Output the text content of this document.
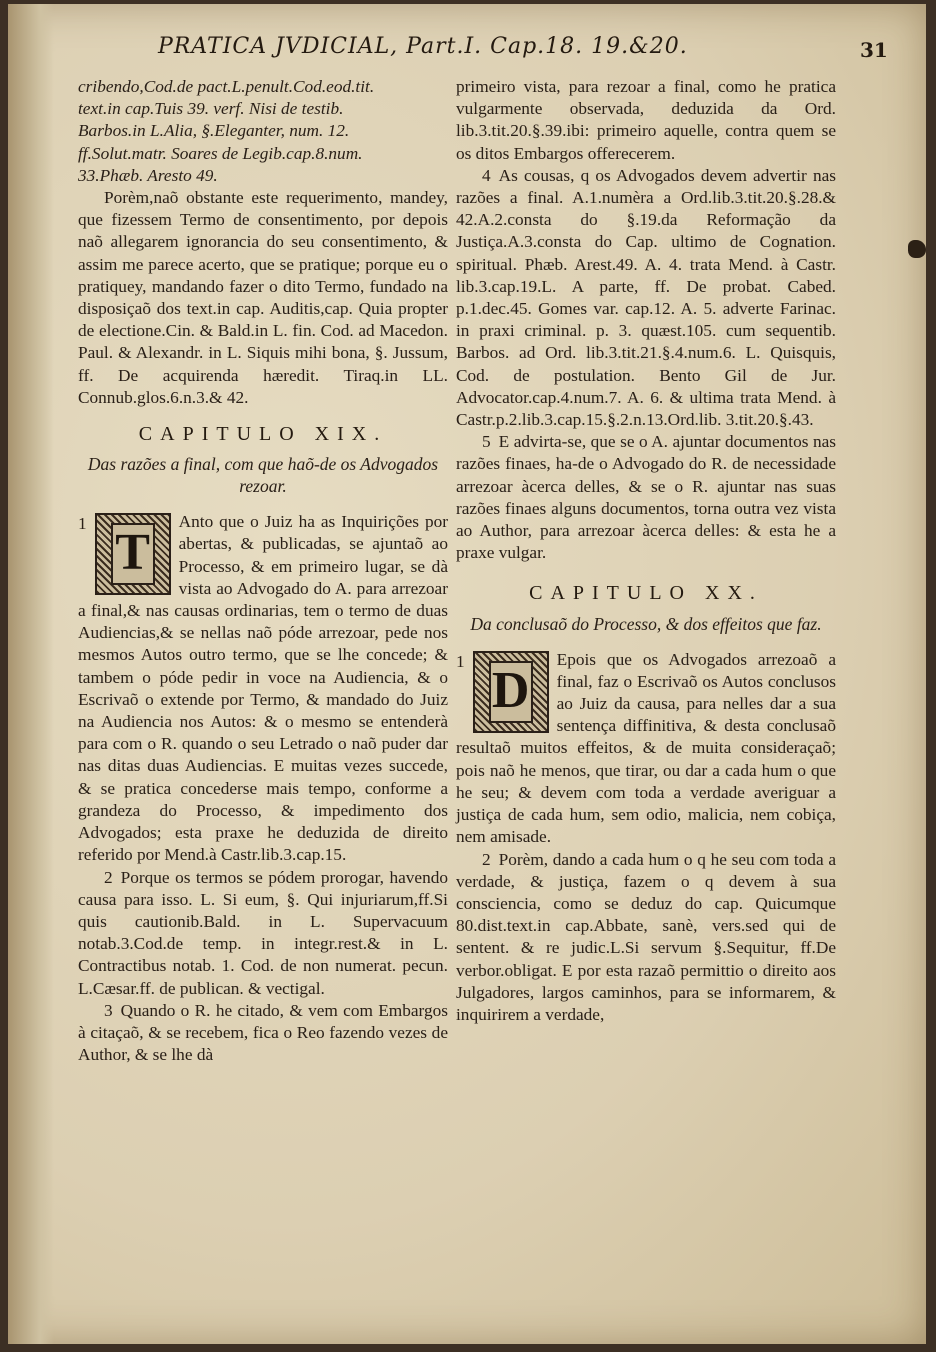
PRATICA JVDICIAL, Part.I. Cap.18. 19.&20.	31

cribendo,Cod.de pact.L.penult.Cod.eod.tit.

text.in cap.Tuis 39. verf. Nisi de testib.

Barbos.in L.Alia, §.Eleganter, num. 12.

ff.Solut.matr. Soares de Legib.cap.8.num.

33.Phæb. Aresto 49.

Porèm,naõ obstante este requerimento, mandey, que fizessem Termo de consentimento, por depois naõ allegarem ignorancia do seu consentimento, & assim me parece acerto, que se pratique; porque eu o pratiquey, mandando fazer o dito Termo, fundado na disposiçaõ dos text.in cap. Auditis,cap. Quia propter de electione.Cin. & Bald.in L. fin. Cod. ad Macedon. Paul. & Alexandr. in L. Siquis mihi bona, §. Jussum, ff. De acquirenda hæredit. Tiraq.in LL. Connub.glos.6.n.3.& 42.

CAPITULO XIX.
Das razões a final, com que haõ-de os Advogados rezoar.

1
T
Anto que o Juiz ha as Inquirições por abertas, & publicadas, se ajuntaõ ao Processo, & em primeiro lugar, se dà vista ao Advogado do A. para arrezoar a final,& nas causas ordinarias, tem o termo de duas Audiencias,& se nellas naõ póde arrezoar, pede nos mesmos Autos outro termo, que se lhe concede; & tambem o póde pedir in voce na Audiencia, & o Escrivaõ o extende por Termo, & mandado do Juiz na Audiencia nos Autos: & o mesmo se entenderà para com o R. quando o seu Letrado o naõ puder dar nas ditas duas Audiencias. E muitas vezes succede, & se pratica concederse mais tempo, conforme a grandeza do Processo, & impedimento dos Advogados; esta praxe he deduzida de direito referido por Mend.à Castr.lib.3.cap.15.

2 Porque os termos se pódem prorogar, havendo causa para isso. L. Si eum, §. Qui injuriarum,ff.Si quis cautionib.Bald. in L. Supervacuum notab.3.Cod.de temp. in integr.rest.& in L. Contractibus notab. 1. Cod. de non numerat. pecun. L.Cæsar.ff. de publican. & vectigal.

3 Quando o R. he citado, & vem com Embargos à citaçaõ, & se recebem, fica o Reo fazendo vezes de Author, & se lhe dà

primeiro vista, para rezoar a final, como he pratica vulgarmente observada, deduzida da Ord. lib.3.tit.20.§.39.ibi: primeiro aquelle, contra quem se os ditos Embargos offerecerem.

4 As cousas, q os Advogados devem advertir nas razões a final. A.1.numèra a Ord.lib.3.tit.20.§.28.& 42.A.2.consta do §.19.da Reformação da Justiça.A.3.consta do Cap. ultimo de Cognation. spiritual. Phæb. Arest.49. A. 4. trata Mend. à Castr. lib.3.cap.19.L. A parte, ff. De probat. Cabed. p.1.dec.45. Gomes var. cap.12. A. 5. adverte Farinac. in praxi criminal. p. 3. quæst.105. cum sequentib. Barbos. ad Ord. lib.3.tit.21.§.4.num.6. L. Quisquis, Cod. de postulation. Bento Gil de Jur. Advocator.cap.4.num.7. A. 6. & ultima trata Mend. à Castr.p.2.lib.3.cap.15.§.2.n.13.Ord.lib. 3.tit.20.§.43.

5 E advirta-se, que se o A. ajuntar documentos nas razões finaes, ha-de o Advogado do R. de necessidade arrezoar àcerca delles, & se o R. ajuntar nas suas razões finaes alguns documentos, torna outra vez vista ao Author, para arrezoar àcerca delles: & esta he a praxe vulgar.

CAPITULO XX.
Da conclusaõ do Processo, & dos effeitos que faz.

1
D
Epois que os Advogados arrezoaõ a final, faz o Escrivaõ os Autos conclusos ao Juiz da causa, para nelles dar a sua sentença diffinitiva, & desta conclusaõ resultaõ muitos effeitos, & de muita consideraçaõ; pois naõ he menos, que tirar, ou dar a cada hum o que he seu; & devem com toda a verdade averiguar a justiça de cada hum, sem odio, malicia, nem cobiça, nem amisade.

2 Porèm, dando a cada hum o q he seu com toda a verdade, & justiça, fazem o q devem à sua consciencia, como se deduz do cap. Quicumque 80.dist.text.in cap.Abbate, sanè, vers.sed qui de sentent. & re judic.L.Si servum §.Sequitur, ff.De verbor.obligat. E por esta razaõ permittio o direito aos Julgadores, largos caminhos, para se informarem, & inquirirem a verdade,
